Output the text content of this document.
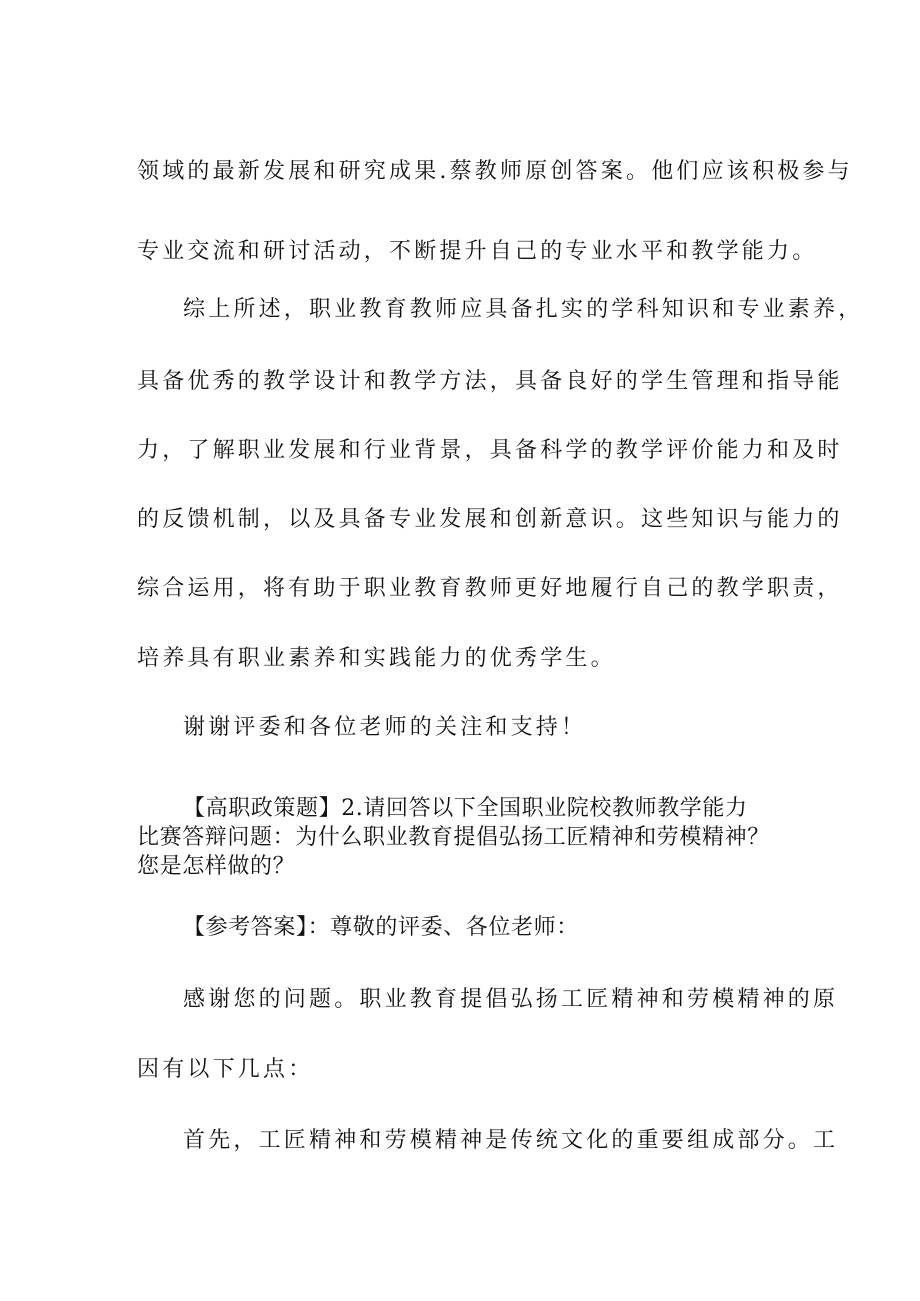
领域的最新发展和研究成果.蔡教师原创答案。他们应该积极参与
专业交流和研讨活动，不断提升自己的专业水平和教学能力。
综上所述，职业教育教师应具备扎实的学科知识和专业素养，
具备优秀的教学设计和教学方法，具备良好的学生管理和指导能
力，了解职业发展和行业背景，具备科学的教学评价能力和及时
的反馈机制，以及具备专业发展和创新意识。这些知识与能力的
综合运用，将有助于职业教育教师更好地履行自己的教学职责，
培养具有职业素养和实践能力的优秀学生。
谢谢评委和各位老师的关注和支持！
【高职政策题】2.请回答以下全国职业院校教师教学能力
比赛答辩问题：为什么职业教育提倡弘扬工匠精神和劳模精神？
您是怎样做的？
【参考答案】：尊敬的评委、各位老师：
感谢您的问题。职业教育提倡弘扬工匠精神和劳模精神的原
因有以下几点：
首先，工匠精神和劳模精神是传统文化的重要组成部分。工
